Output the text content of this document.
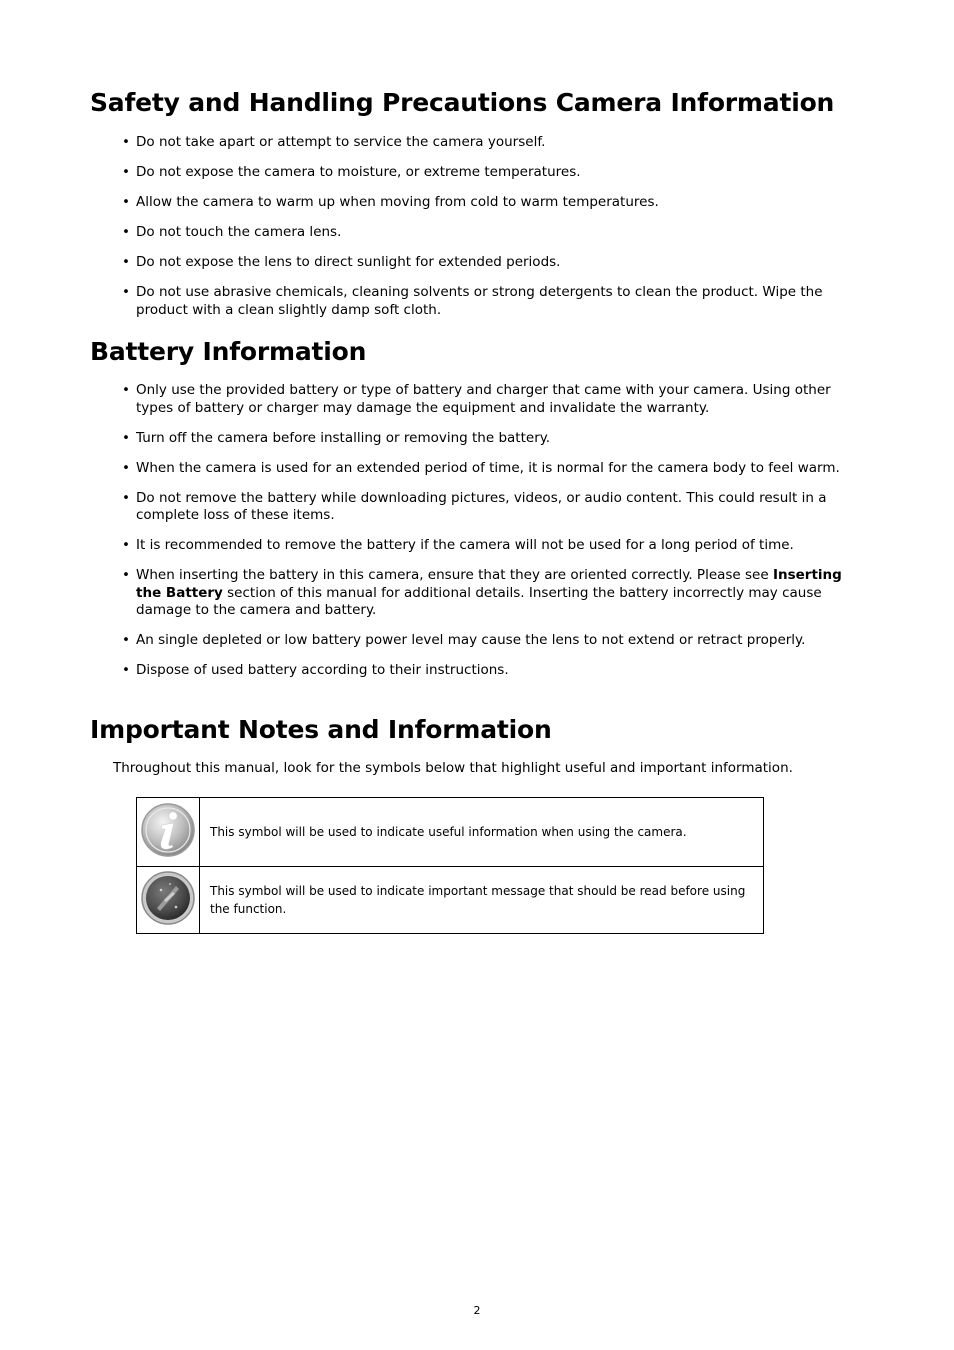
Safety and Handling Precautions Camera Information
• Do not take apart or attempt to service the camera yourself.
• Do not expose the camera to moisture, or extreme temperatures.
• Allow the camera to warm up when moving from cold to warm temperatures.
• Do not touch the camera lens.
• Do not expose the lens to direct sunlight for extended periods.
• Do not use abrasive chemicals, cleaning solvents or strong detergents to clean the product. Wipe the product with a clean slightly damp soft cloth.
Battery Information
• Only use the provided battery or type of battery and charger that came with your camera. Using other types of battery or charger may damage the equipment and invalidate the warranty.
• Turn off the camera before installing or removing the battery.
• When the camera is used for an extended period of time, it is normal for the camera body to feel warm.
• Do not remove the battery while downloading pictures, videos, or audio content. This could result in a complete loss of these items.
• It is recommended to remove the battery if the camera will not be used for a long period of time.
• When inserting the battery in this camera, ensure that they are oriented correctly. Please see Inserting the Battery section of this manual for additional details. Inserting the battery incorrectly may cause damage to the camera and battery.
• An single depleted or low battery power level may cause the lens to not extend or retract properly.
• Dispose of used battery according to their instructions.
Important Notes and Information

Throughout this manual, look for the symbols below that highlight useful and important information.

	This symbol will be used to indicate useful information when using the camera.
	This symbol will be used to indicate important message that should be read before using the function.
2
